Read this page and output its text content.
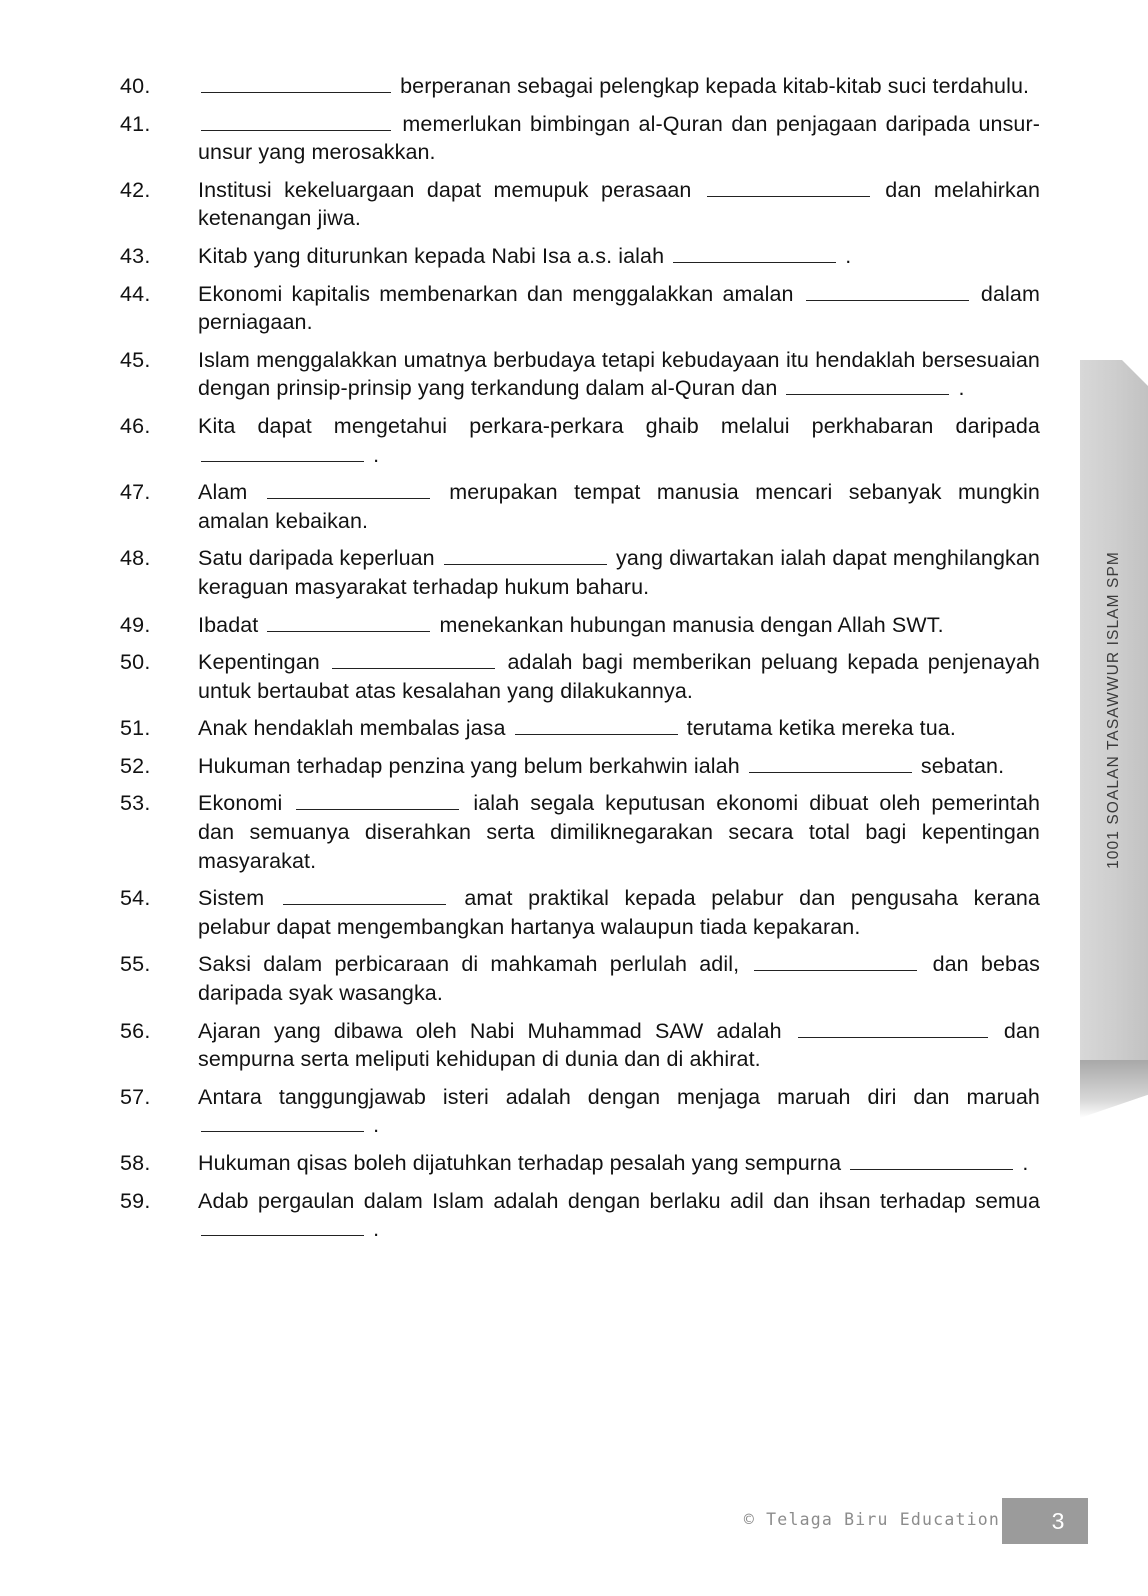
40.	berperanan sebagai pelengkap kepada kitab-kitab suci terdahulu.
41.	memerlukan bimbingan al-Quran dan penjagaan daripada unsur-unsur yang merosakkan.
42.	Institusi kekeluargaan dapat memupuk perasaan	dan melahirkan ketenangan jiwa.
43.	Kitab yang diturunkan kepada Nabi Isa a.s. ialah	.
44.	Ekonomi kapitalis membenarkan dan menggalakkan amalan	dalam perniagaan.
45.	Islam menggalakkan umatnya berbudaya tetapi kebudayaan itu hendaklah bersesuaian dengan prinsip-prinsip yang terkandung dalam al-Quran dan	.
46.	Kita dapat mengetahui perkara-perkara ghaib melalui perkhabaran daripada  .
47.	Alam	merupakan tempat manusia mencari sebanyak mungkin amalan kebaikan.
48.	Satu daripada keperluan	yang diwartakan ialah dapat menghilangkan keraguan masyarakat terhadap hukum baharu.
49.	Ibadat	menekankan hubungan manusia dengan Allah SWT.
50.	Kepentingan	adalah bagi memberikan peluang kepada penjenayah untuk bertaubat atas kesalahan yang dilakukannya.
51.	Anak hendaklah membalas jasa	terutama ketika mereka tua.
52.	Hukuman terhadap penzina yang belum berkahwin ialah	sebatan.
53.	Ekonomi	ialah segala keputusan ekonomi dibuat oleh pemerintah dan semuanya diserahkan serta dimiliknegarakan secara total bagi kepentingan masyarakat.
54.	Sistem	amat praktikal kepada pelabur dan pengusaha kerana pelabur dapat mengembangkan hartanya walaupun tiada kepakaran.
55.	Saksi dalam perbicaraan di mahkamah perlulah adil,	dan bebas daripada syak wasangka.
56.	Ajaran yang dibawa oleh Nabi Muhammad SAW adalah	dan sempurna serta meliputi kehidupan di dunia dan di akhirat.
57.	Antara tanggungjawab isteri adalah dengan menjaga maruah diri dan maruah  .
58.	Hukuman qisas boleh dijatuhkan terhadap pesalah yang sempurna	.
59.	Adab pergaulan dalam Islam adalah dengan berlaku adil dan ihsan terhadap semua  .
1001 SOALAN TASAWWUR ISLAM SPM
© Telaga Biru Education	3
